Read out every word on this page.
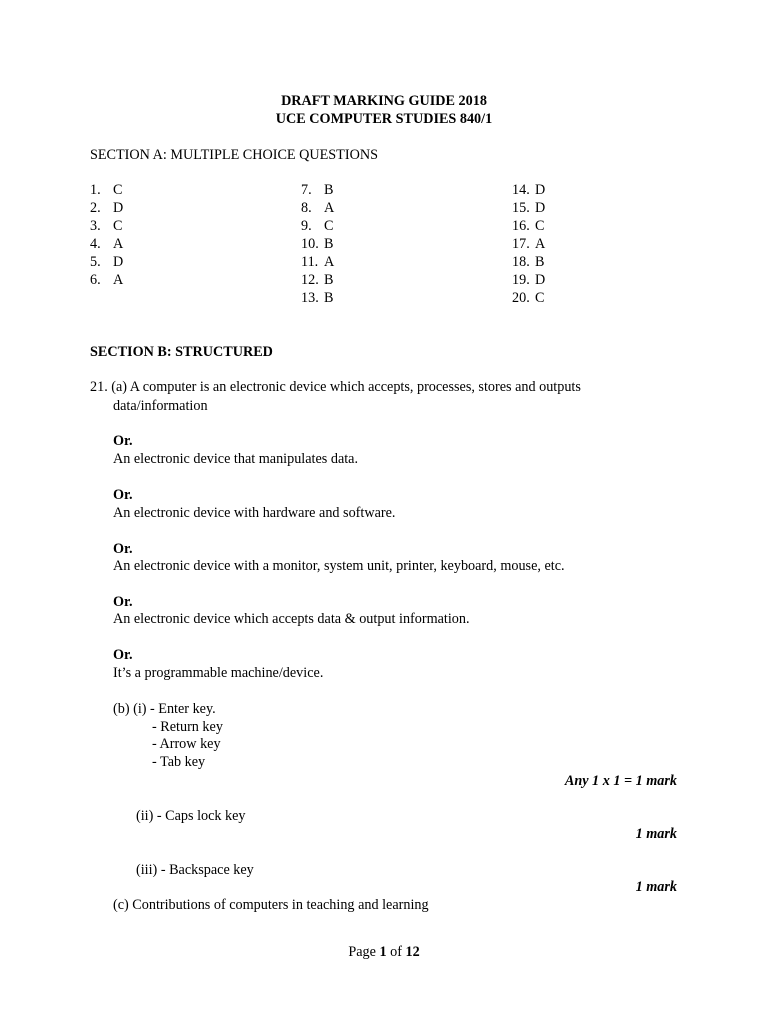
DRAFT MARKING GUIDE 2018
UCE COMPUTER STUDIES 840/1
SECTION A: MULTIPLE CHOICE QUESTIONS
1. C
2. D
3. C
4. A
5. D
6. A
7. B
8. A
9. C
10. B
11. A
12. B
13. B
14. D
15. D
16. C
17. A
18. B
19. D
20. C
SECTION B: STRUCTURED
21. (a) A computer is an electronic device which accepts, processes, stores and outputs
data/information
Or.
An electronic device that manipulates data.
Or.
An electronic device with hardware and software.
Or.
An electronic device with a monitor, system unit, printer, keyboard, mouse, etc.
Or.
An electronic device which accepts data & output information.
Or.
It’s a programmable machine/device.
(b) (i) - Enter key.
- Return key
- Arrow key
- Tab key
Any 1 x 1 = 1 mark
(ii) - Caps lock key
1 mark
(iii) - Backspace key
1 mark
(c) Contributions of computers in teaching and learning
Page 1 of 12
